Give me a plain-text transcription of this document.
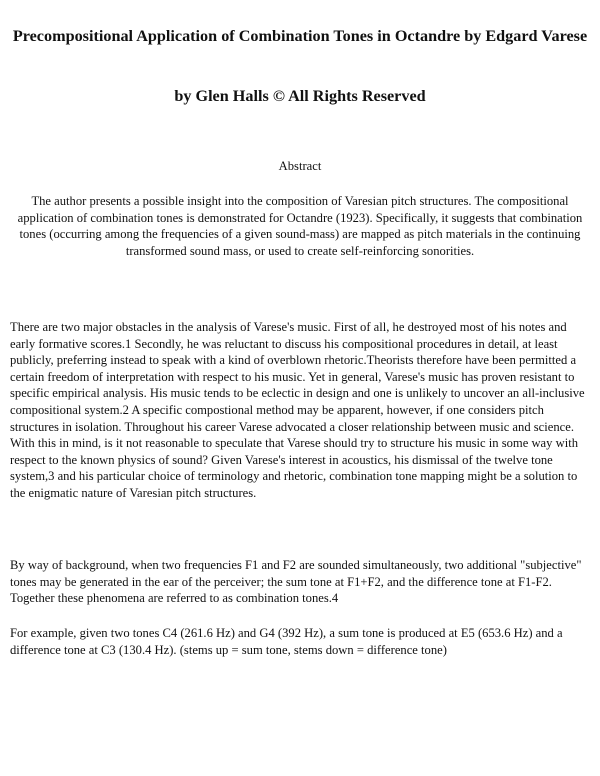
Precompositional Application of Combination Tones in Octandre by Edgard Varese
by Glen Halls © All Rights Reserved
Abstract

The author presents a possible insight into the composition of Varesian pitch structures. The compositional application of combination tones is demonstrated for Octandre (1923). Specifically, it suggests that combination tones (occurring among the frequencies of a given sound-mass) are mapped as pitch materials in the continuing transformed sound mass, or used to create self-reinforcing sonorities.

There are two major obstacles in the analysis of Varese's music. First of all, he destroyed most of his notes and early formative scores.1 Secondly, he was reluctant to discuss his compositional procedures in detail, at least publicly, preferring instead to speak with a kind of overblown rhetoric.Theorists therefore have been permitted a certain freedom of interpretation with respect to his music. Yet in general, Varese's music has proven resistant to specific empirical analysis. His music tends to be eclectic in design and one is unlikely to uncover an all-inclusive compositional system.2 A specific compostional method may be apparent, however, if one considers pitch structures in isolation. Throughout his career Varese advocated a closer relationship between music and science. With this in mind, is it not reasonable to speculate that Varese should try to structure his music in some way with respect to the known physics of sound? Given Varese's interest in acoustics, his dismissal of the twelve tone system,3 and his particular choice of terminology and rhetoric, combination tone mapping might be a solution to the enigmatic nature of Varesian pitch structures.

By way of background, when two frequencies F1 and F2 are sounded simultaneously, two additional "subjective" tones may be generated in the ear of the perceiver; the sum tone at F1+F2, and the difference tone at F1-F2. Together these phenomena are referred to as combination tones.4

For example, given two tones C4 (261.6 Hz) and G4 (392 Hz), a sum tone is produced at E5 (653.6 Hz) and a difference tone at C3 (130.4 Hz). (stems up = sum tone, stems down = difference tone)
